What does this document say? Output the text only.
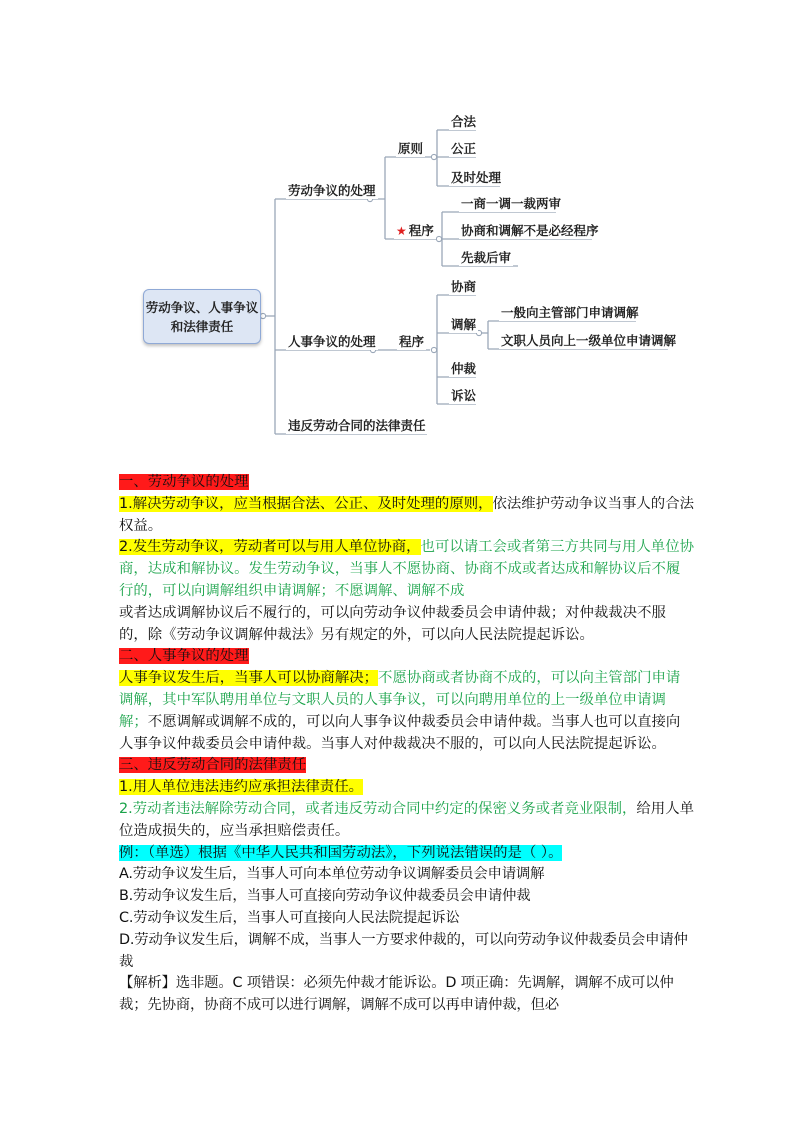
劳动争议、人事争议
和法律责任
劳动争议的处理
原则
合法
公正
及时处理
★ 程序
一商一调一裁两审
协商和调解不是必经程序
先裁后审
人事争议的处理 程序
协商
调解
一般向主管部门申请调解
文职人员向上一级单位申请调解
仲裁
诉讼
违反劳动合同的法律责任

一、劳动争议的处理

1.解决劳动争议，应当根据合法、公正、及时处理的原则，依法维护劳动争议当事人的合法权益。

2.发生劳动争议，劳动者可以与用人单位协商，也可以请工会或者第三方共同与用人单位协商，达成和解协议。发生劳动争议，当事人不愿协商、协商不成或者达成和解协议后不履行的，可以向调解组织申请调解；不愿调解、调解不成
或者达成调解协议后不履行的，可以向劳动争议仲裁委员会申请仲裁；对仲裁裁决不服的，除《劳动争议调解仲裁法》另有规定的外，可以向人民法院提起诉讼。

二、人事争议的处理

人事争议发生后，当事人可以协商解决；不愿协商或者协商不成的，可以向主管部门申请调解，其中军队聘用单位与文职人员的人事争议，可以向聘用单位的上一级单位申请调解；不愿调解或调解不成的，可以向人事争议仲裁委员会申请仲裁。当事人也可以直接向人事争议仲裁委员会申请仲裁。当事人对仲裁裁决不服的，可以向人民法院提起诉讼。

三、违反劳动合同的法律责任

1.用人单位违法违约应承担法律责任。

2.劳动者违法解除劳动合同，或者违反劳动合同中约定的保密义务或者竞业限制，给用人单位造成损失的，应当承担赔偿责任。

例：（单选）根据《中华人民共和国劳动法》，下列说法错误的是（ ）。

A.劳动争议发生后，当事人可向本单位劳动争议调解委员会申请调解

B.劳动争议发生后，当事人可直接向劳动争议仲裁委员会申请仲裁

C.劳动争议发生后，当事人可直接向人民法院提起诉讼

D.劳动争议发生后，调解不成，当事人一方要求仲裁的，可以向劳动争议仲裁委员会申请仲裁

【解析】选非题。C 项错误：必须先仲裁才能诉讼。D 项正确：先调解，调解不成可以仲裁；先协商，协商不成可以进行调解，调解不成可以再申请仲裁，但必
